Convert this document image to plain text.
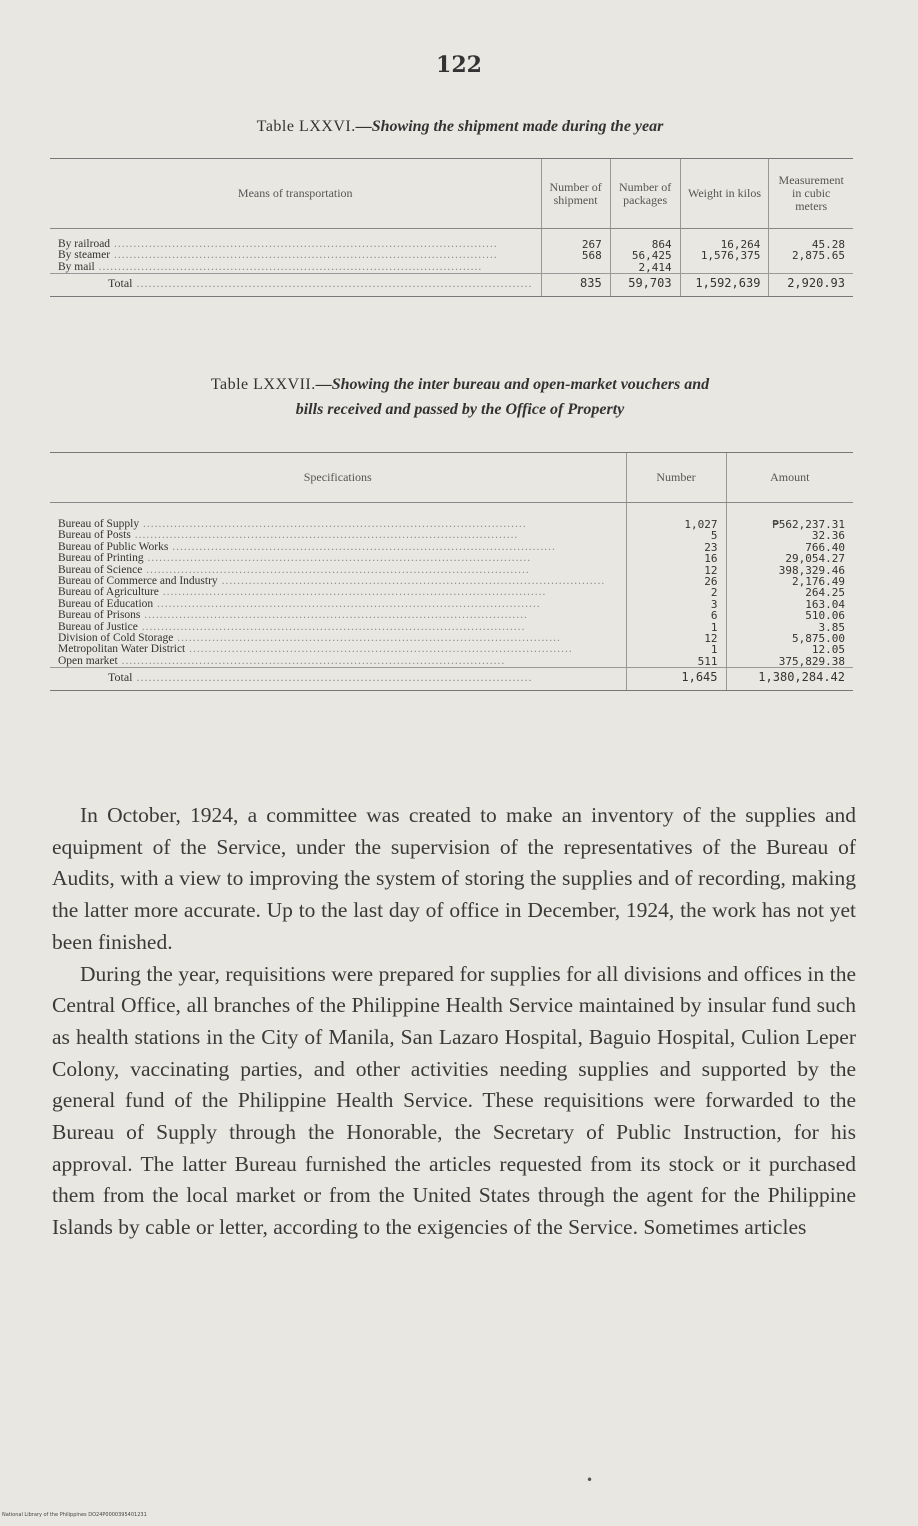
122
Table LXXVI.—Showing the shipment made during the year
Means of transportation	Number of shipment	Number of packages	Weight in kilos	Measurement in cubic meters

By railroad .....	267	864	16,264	45.28
By steamer .....	568	56,425	1,576,375	2,875.65
By mail .....		2,414		
Total .....	835	59,703	1,592,639	2,920.93
Table LXXVII.—Showing the inter bureau and open-market vouchers and
bills received and passed by the Office of Property
Specifications	Number	Amount

Bureau of Supply .....	1,027	₱562,237.31
Bureau of Posts .....	5	32.36
Bureau of Public Works .....	23	766.40
Bureau of Printing .....	16	29,054.27
Bureau of Science .....	12	398,329.46
Bureau of Commerce and Industry .....	26	2,176.49
Bureau of Agriculture .....	2	264.25
Bureau of Education .....	3	163.04
Bureau of Prisons .....	6	510.06
Bureau of Justice .....	1	3.85
Division of Cold Storage .....	12	5,875.00
Metropolitan Water District .....	1	12.05
Open market .....	511	375,829.38
Total .....	1,645	1,380,284.42

In October, 1924, a committee was created to make an inventory of the supplies and equipment of the Service, under the supervision of the representatives of the Bureau of Audits, with a view to improving the system of storing the supplies and of recording, making the latter more accurate. Up to the last day of office in December, 1924, the work has not yet been finished.

During the year, requisitions were prepared for supplies for all divisions and offices in the Central Office, all branches of the Philippine Health Service maintained by insular fund such as health stations in the City of Manila, San Lazaro Hospital, Baguio Hospital, Culion Leper Colony, vaccinating parties, and other activities needing supplies and supported by the general fund of the Philippine Health Service. These requisitions were forwarded to the Bureau of Supply through the Honorable, the Secretary of Public Instruction, for his approval. The latter Bureau furnished the articles requested from its stock or it purchased them from the local market or from the United States through the agent for the Philippine Islands by cable or letter, according to the exigencies of the Service. Sometimes articles

•
National Library of the Philippines DO24P0000395401231
